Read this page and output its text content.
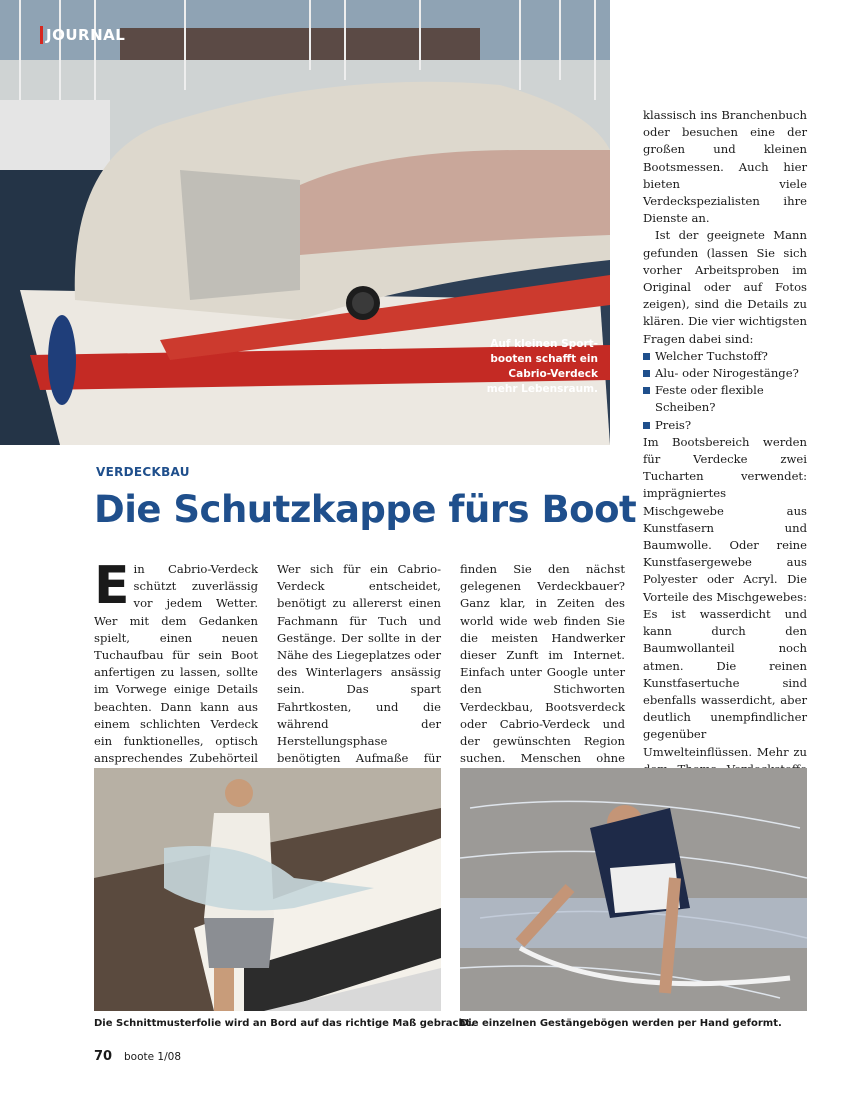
JOURNAL
Auf kleinen Sport-booten schafft ein Cabrio-Verdeck mehr Lebensraum.
VERDECKBAU
Die Schutzkappe fürs Boot
Ein Cabrio-Verdeck schützt zuverlässig vor jedem Wetter. Wer mit dem Gedanken spielt, einen neuen Tuchaufbau für sein Boot anfertigen zu lassen, sollte im Vorwege einige Details beachten. Dann kann aus einem schlichten Verdeck ein funktionelles, optisch ansprechendes Zubehörteil

Wer sich für ein Cabrio-Verdeck entscheidet, benötigt zu allererst einen Fachmann für Tuch und Gestänge. Der sollte in der Nähe des Liegeplatzes oder des Winterlagers ansässig sein. Das spart Fahrtkosten, und die während der Herstellungsphase benötigten Aufmaße für

finden Sie den nächst gelegenen Verdeckbauer? Ganz klar, in Zeiten des world wide web finden Sie die meisten Handwerker dieser Zunft im Internet. Einfach unter Google unter den Stichworten Verdeckbau, Bootsverdeck oder Cabrio-Verdeck und der gewünschten Region suchen. Menschen ohne

klassisch ins Branchenbuch oder besuchen eine der großen und kleinen Bootsmessen. Auch hier bieten viele Verdeckspezialisten ihre Dienste an.

Ist der geeignete Mann gefunden (lassen Sie sich vorher Arbeitsproben im Original oder auf Fotos zeigen), sind die Details zu klären. Die vier wichtigsten Fragen dabei sind:

Welcher Tuchstoff?
Alu- oder Nirogestänge?
Feste oder flexible Scheiben?
Preis?

Im Bootsbereich werden für Verdecke zwei Tucharten verwendet: imprägniertes Mischgewebe aus Kunstfasern und Baumwolle. Oder reine Kunstfasergewebe aus Polyester oder Acryl. Die Vorteile des Mischgewebes: Es ist wasserdicht und kann durch den Baumwollanteil noch atmen. Die reinen Kunstfasertuche sind ebenfalls wasserdicht, aber deutlich unempfindlicher gegenüber Umwelteinflüssen. Mehr zu

Die Schnittmusterfolie wird an Bord auf das richtige Maß gebracht.
Die einzelnen Gestängebögen werden per Hand geformt.
70 boote 1/08
